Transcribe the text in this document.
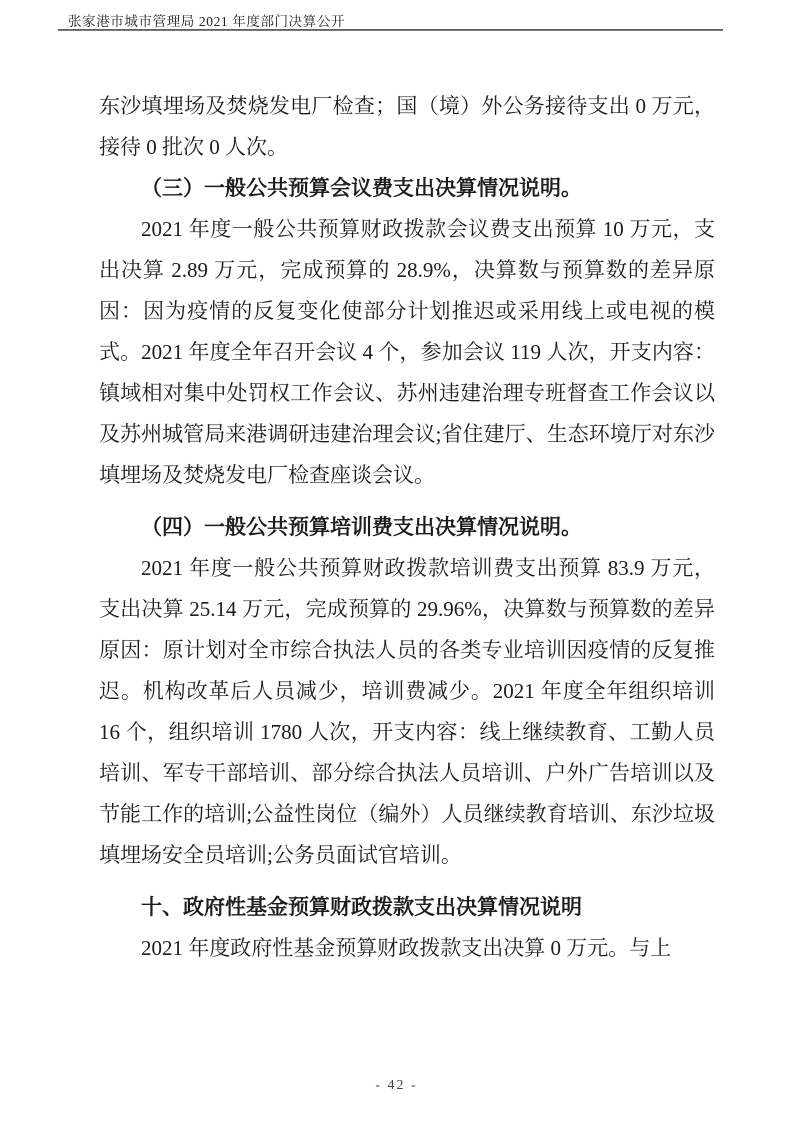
张家港市城市管理局 2021 年度部门决算公开

东沙填埋场及焚烧发电厂检查；国（境）外公务接待支出 0 万元，接待 0 批次 0 人次。

（三）一般公共预算会议费支出决算情况说明。

2021 年度一般公共预算财政拨款会议费支出预算 10 万元，支出决算 2.89 万元，完成预算的 28.9%，决算数与预算数的差异原因：因为疫情的反复变化使部分计划推迟或采用线上或电视的模式。2021 年度全年召开会议 4 个，参加会议 119 人次，开支内容：镇域相对集中处罚权工作会议、苏州违建治理专班督查工作会议以及苏州城管局来港调研违建治理会议;省住建厅、生态环境厅对东沙填埋场及焚烧发电厂检查座谈会议。

（四）一般公共预算培训费支出决算情况说明。

2021 年度一般公共预算财政拨款培训费支出预算 83.9 万元，支出决算 25.14 万元，完成预算的 29.96%，决算数与预算数的差异原因：原计划对全市综合执法人员的各类专业培训因疫情的反复推迟。机构改革后人员减少，培训费减少。2021 年度全年组织培训 16 个，组织培训 1780 人次，开支内容：线上继续教育、工勤人员培训、军专干部培训、部分综合执法人员培训、户外广告培训以及节能工作的培训;公益性岗位（编外）人员继续教育培训、东沙垃圾填埋场安全员培训;公务员面试官培训。

十、政府性基金预算财政拨款支出决算情况说明

2021 年度政府性基金预算财政拨款支出决算 0 万元。与上

- 42 -
